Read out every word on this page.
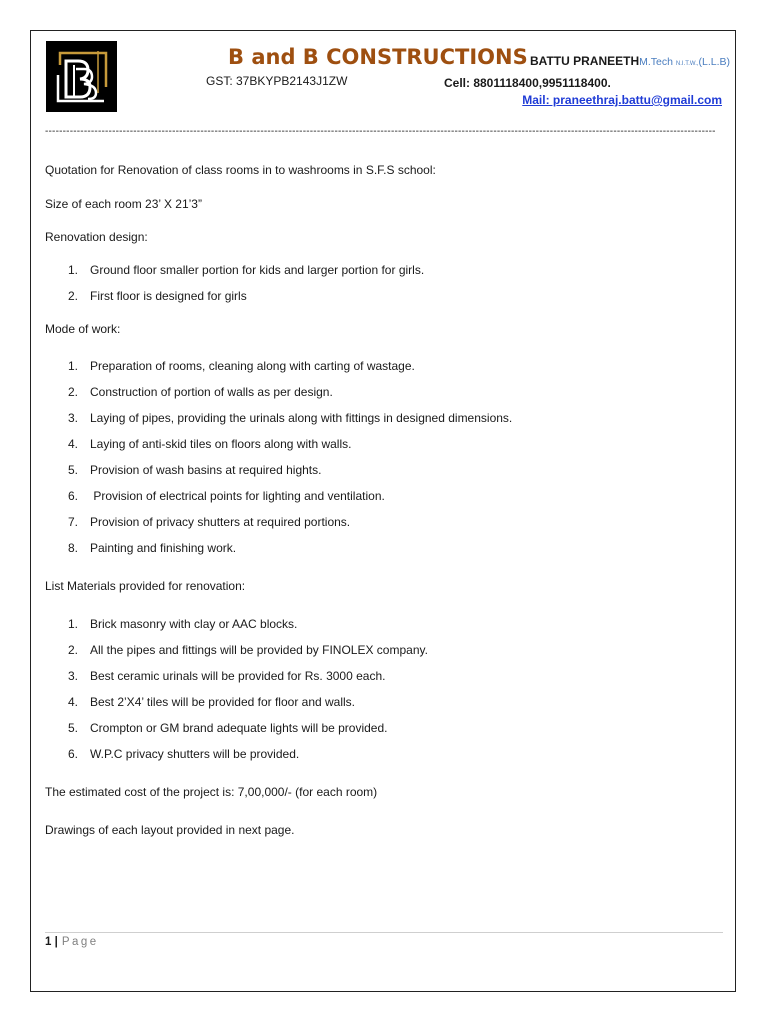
B and B CONSTRUCTIONS
GST: 37BKYPB2143J1ZW
BATTU PRANEETHM.Tech N.I.T.W.,(L.L.B)
Cell: 8801118400,9951118400.
Mail: praneethraj.battu@gmail.com
----------------------------------------------------------------------------------------------------------------------------------------------------------------------------------------------

Quotation for Renovation of class rooms in to washrooms in S.F.S school:

Size of each room 23’ X 21’3”

Renovation design:

1. Ground floor smaller portion for kids and larger portion for girls.
2. First floor is designed for girls

Mode of work:

1. Preparation of rooms, cleaning along with carting of wastage.
2. Construction of portion of walls as per design.
3. Laying of pipes, providing the urinals along with fittings in designed dimensions.
4. Laying of anti-skid tiles on floors along with walls.
5. Provision of wash basins at required hights.
6. Provision of electrical points for lighting and ventilation.
7. Provision of privacy shutters at required portions.
8. Painting and finishing work.

List Materials provided for renovation:

1. Brick masonry with clay or AAC blocks.
2. All the pipes and fittings will be provided by FINOLEX company.
3. Best ceramic urinals will be provided for Rs. 3000 each.
4. Best 2’X4’ tiles will be provided for floor and walls.
5. Crompton or GM brand adequate lights will be provided.
6. W.P.C privacy shutters will be provided.

The estimated cost of the project is: 7,00,000/- (for each room)

Drawings of each layout provided in next page.

1 | Page
